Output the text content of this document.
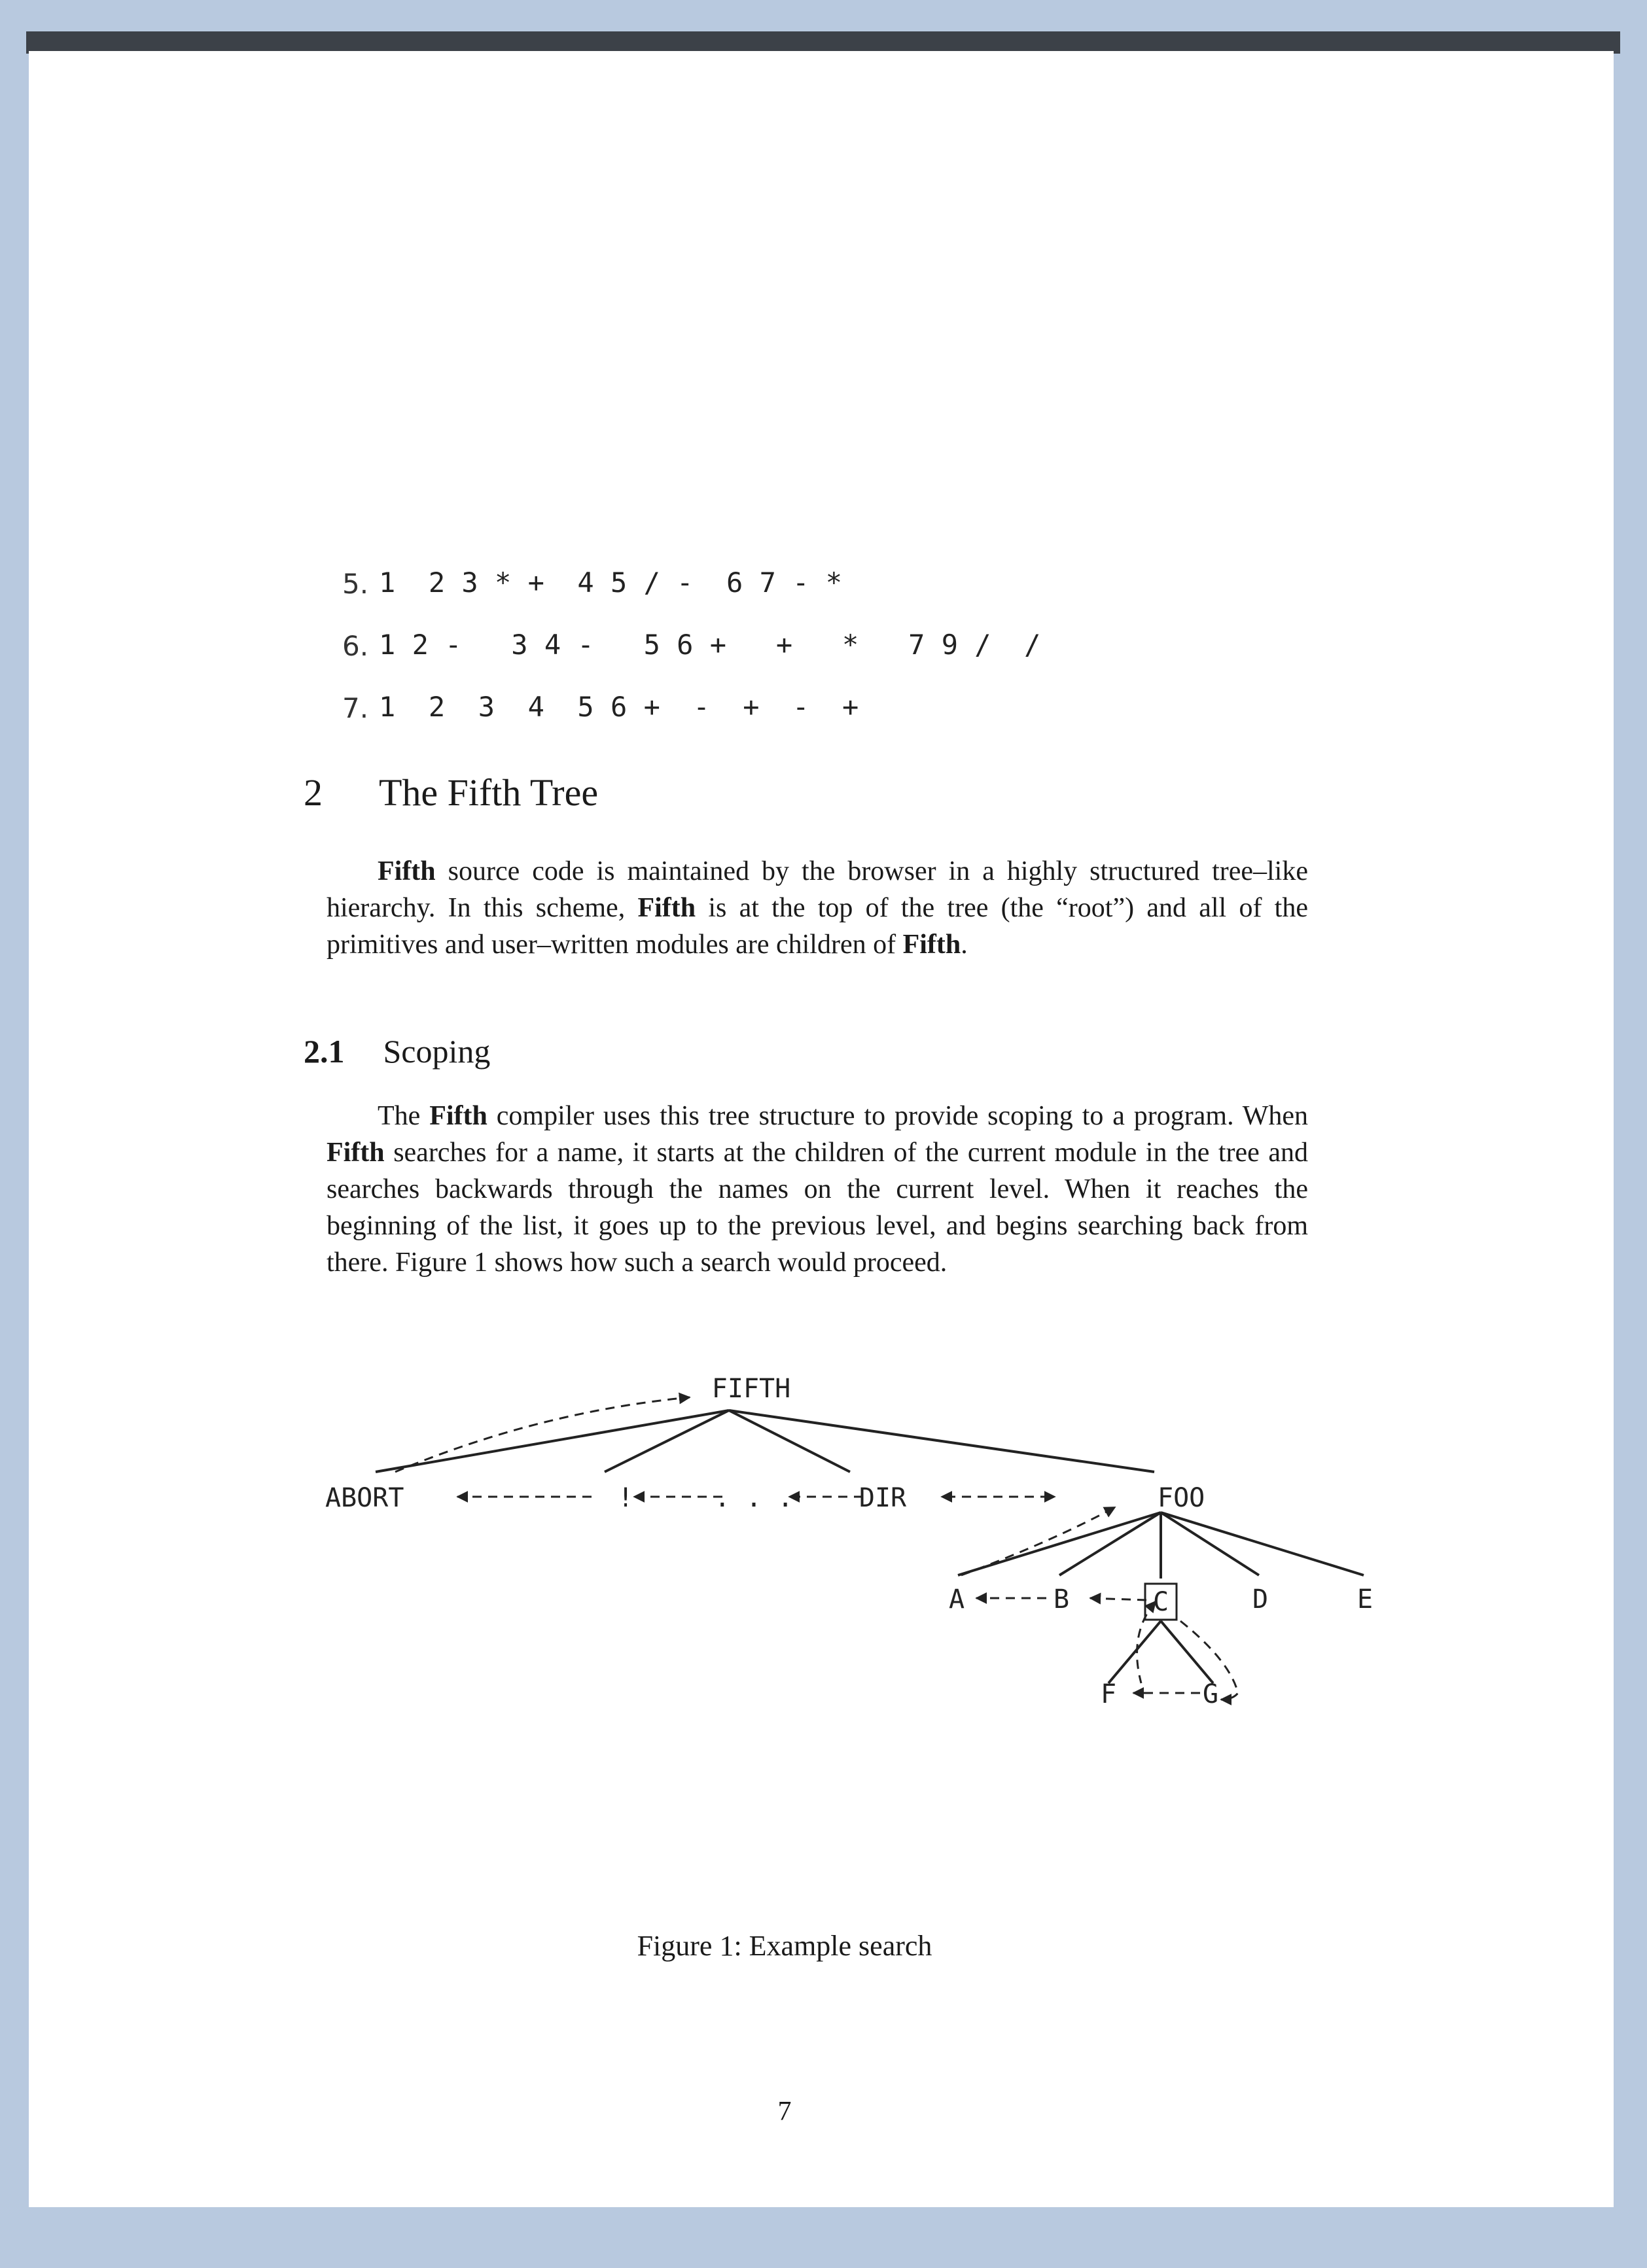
5. 1  2 3 * +  4 5 / -  6 7 - *
6. 1 2 -   3 4 -   5 6 +   +   *   7 9 /  /
7. 1  2  3  4  5 6 +  -  +  -  +
2 The Fifth Tree

Fifth source code is maintained by the browser in a highly structured tree–like hierarchy. In this scheme, Fifth is at the top of the tree (the “root”) and all of the primitives and user–written modules are children of Fifth.

2.1 Scoping

The Fifth compiler uses this tree structure to provide scoping to a program. When Fifth searches for a name, it starts at the children of the current module in the tree and searches backwards through the names on the current level. When it reaches the beginning of the list, it goes up to the previous level, and begins searching back from there. Figure 1 shows how such a search would proceed.

FIFTH
ABORT	!	. . .	DIR	FOO
A	B	C	D	E
F	G
Figure 1: Example search
7
